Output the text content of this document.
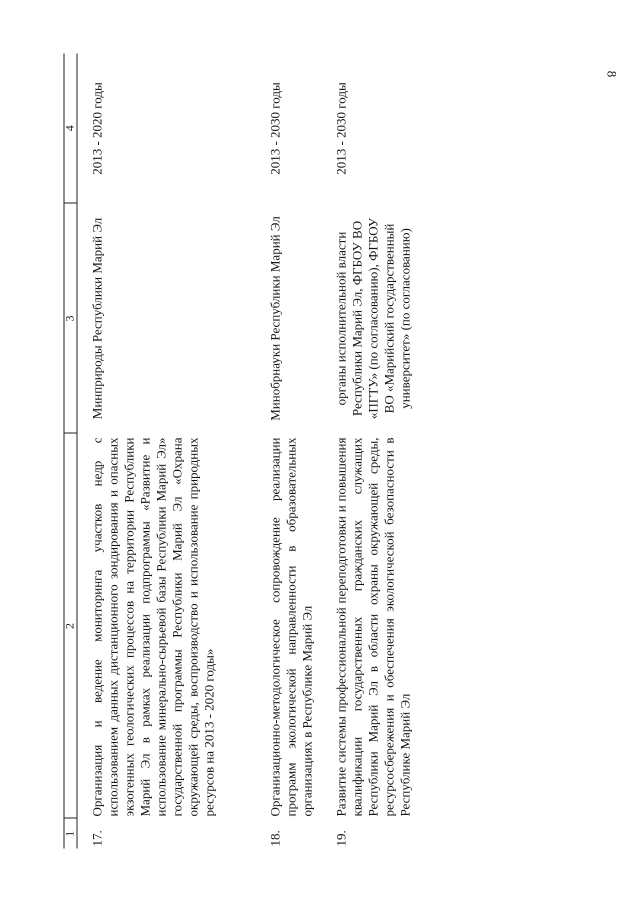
8
1	2	3	4
17.	Организация и ведение мониторинга участков недр с использованием данных дистанционного зондирования и опасных экзогенных геологических процессов на территории Республики Марий Эл в рамках реализации подпрограммы «Развитие и использование минерально-сырьевой базы Республики Марий Эл» государственной программы Республики Марий Эл «Охрана окружающей среды, воспроизводство и использование природных ресурсов на 2013 - 2020 годы»	Минприроды Республики Марий Эл	2013 - 2020 годы
18.	Организационно-методологическое сопровождение реализации программ экологической направленности в образовательных организациях в Республике Марий Эл	Минобрнауки Республики Марий Эл	2013 - 2030 годы
19.	Развитие системы профессиональной переподготовки и повышения квалификации государственных гражданских служащих Республики Марий Эл в области охраны окружающей среды, ресурсосбережения и обеспечения экологической безопасности в Республике Марий Эл	органы исполнительной власти Республики Марий Эл, ФГБОУ ВО «ПГТУ» (по согласованию), ФГБОУ ВО «Марийский государственный университет» (по согласованию)	2013 - 2030 годы
